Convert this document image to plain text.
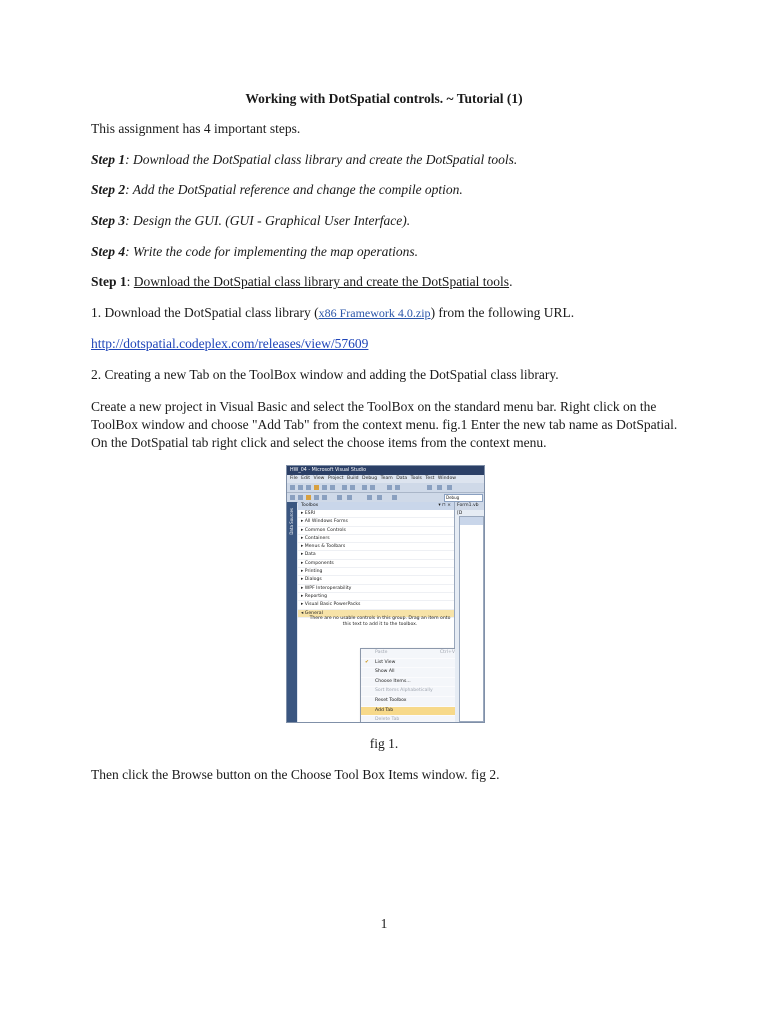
Working with DotSpatial controls. ~ Tutorial (1)
This assignment has 4 important steps.
Step 1: Download the DotSpatial class library and create the DotSpatial tools.
Step 2: Add the DotSpatial reference and change the compile option.
Step 3: Design the GUI. (GUI - Graphical User Interface).
Step 4: Write the code for implementing the map operations.
Step 1: Download the DotSpatial class library and create the DotSpatial tools.
1. Download the DotSpatial class library (x86 Framework 4.0.zip) from the following URL.
http://dotspatial.codeplex.com/releases/view/57609
2. Creating a new Tab on the ToolBox window and adding the DotSpatial class library.
Create a new project in Visual Basic and select the ToolBox on the standard menu bar. Right click on the ToolBox window and choose "Add Tab" from the context menu. fig.1 Enter the new tab name as DotSpatial. On the DotSpatial tab right click and select the choose items from the context menu.
HW_04 - Microsoft Visual Studio
File Edit View Project Build Debug Team Data Tools Test Window
Debug
Data Sources
Toolbox	▾ ⊓ ×
▸ ESRI
▸ All Windows Forms
▸ Common Controls
▸ Containers
▸ Menus & Toolbars
▸ Data
▸ Components
▸ Printing
▸ Dialogs
▸ WPF Interoperability
▸ Reporting
▸ Visual Basic PowerPacks
◂ General
There are no usable controls in this group. Drag an item onto this text to add it to the toolbox.
Paste	Ctrl+V
✔ List View
Show All
Choose Items...
Sort Items Alphabetically
Reset Toolbox
Add Tab
Delete Tab
Form1.vb [D
fig 1.
Then click the Browse button on the Choose Tool Box Items window. fig 2.
1
